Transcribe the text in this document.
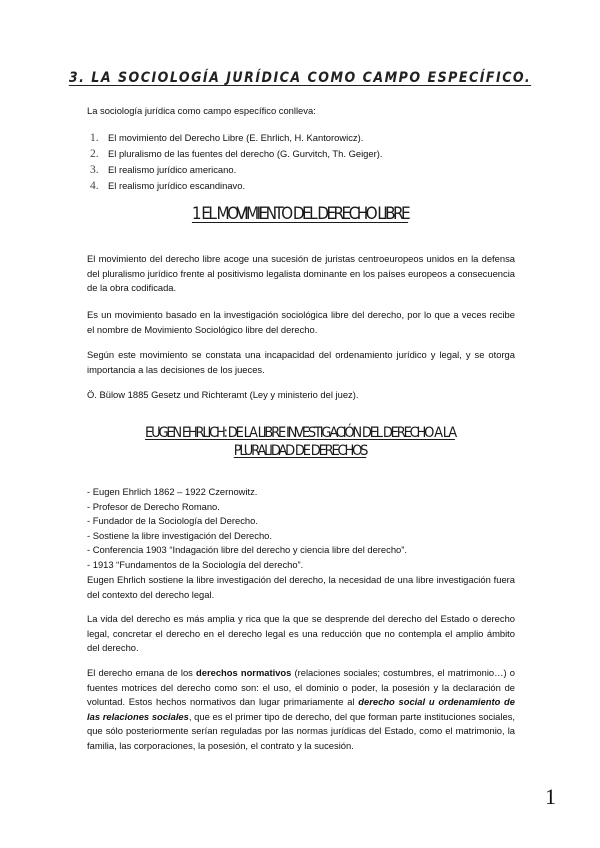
3. LA SOCIOLOGÍA JURÍDICA COMO CAMPO ESPECÍFICO.
La sociología jurídica como campo específico conlleva:
1. El movimiento del Derecho Libre (E. Ehrlich, H. Kantorowicz).
2. El pluralismo de las fuentes del derecho (G. Gurvitch, Th. Geiger).
3. El realismo jurídico americano.
4. El realismo jurídico escandinavo.
1 EL MOVIMIENTO DEL DERECHO LIBRE
El movimiento del derecho libre acoge una sucesión de juristas centroeuropeos unidos en la defensa del pluralismo jurídico frente al positivismo legalista dominante en los países europeos a consecuencia de la obra codificada.
Es un movimiento basado en la investigación sociológica libre del derecho, por lo que a veces recibe el nombre de Movimiento Sociológico libre del derecho.
Según este movimiento se constata una incapacidad del ordenamiento jurídico y legal, y se otorga importancia a las decisiones de los jueces.
Ö. Bülow 1885 Gesetz und Richteramt (Ley y ministerio del juez).
EUGEN EHRLICH: DE LA LIBRE INVESTIGACIÓN DEL DERECHO A LA
PLURALIDAD DE DERECHOS
- Eugen Ehrlich 1862 – 1922 Czernowitz.
- Profesor de Derecho Romano.
- Fundador de la Sociología del Derecho.
- Sostiene la libre investigación del Derecho.
- Conferencia 1903 “Indagación libre del derecho y ciencia libre del derecho”.
- 1913 “Fundamentos de la Sociología del derecho”.
Eugen Ehrlich sostiene la libre investigación del derecho, la necesidad de una libre investigación fuera del contexto del derecho legal.
La vida del derecho es más amplia y rica que la que se desprende del derecho del Estado o derecho legal, concretar el derecho en el derecho legal es una reducción que no contempla el amplio ámbito del derecho.
El derecho emana de los derechos normativos (relaciones sociales; costumbres, el matrimonio…) o fuentes motrices del derecho como son: el uso, el dominio o poder, la posesión y la declaración de voluntad. Estos hechos normativos dan lugar primariamente al derecho social u ordenamiento de las relaciones sociales, que es el primer tipo de derecho, del que forman parte instituciones sociales, que sólo posteriormente serían reguladas por las normas jurídicas del Estado, como el matrimonio, la familia, las corporaciones, la posesión, el contrato y la sucesión.
1
